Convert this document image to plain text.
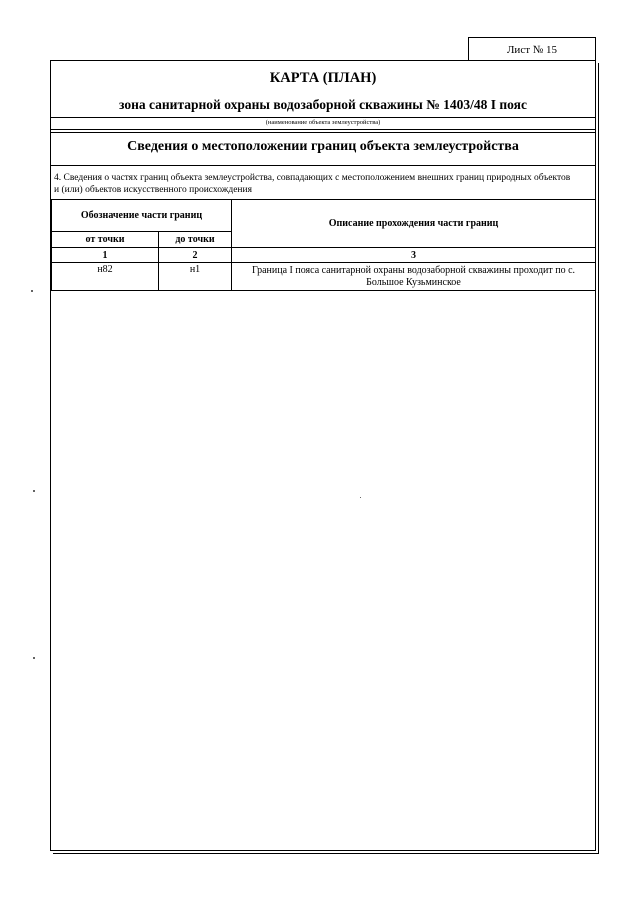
Лист № 15
КАРТА (ПЛАН)
зона санитарной охраны водозаборной скважины № 1403/48 I пояс
(наименование объекта землеустройства)
Сведения о местоположении границ объекта землеустройства
4. Сведения о частях границ объекта землеустройства, совпадающих с местоположением внешних границ природных объектов и (или) объектов искусственного происхождения
Обозначение части границ		Описание прохождения части границ
от точки	до точки	
1	2	3
н82	н1	Граница I пояса санитарной охраны водозаборной скважины проходит по с. Большое Кузьминское
